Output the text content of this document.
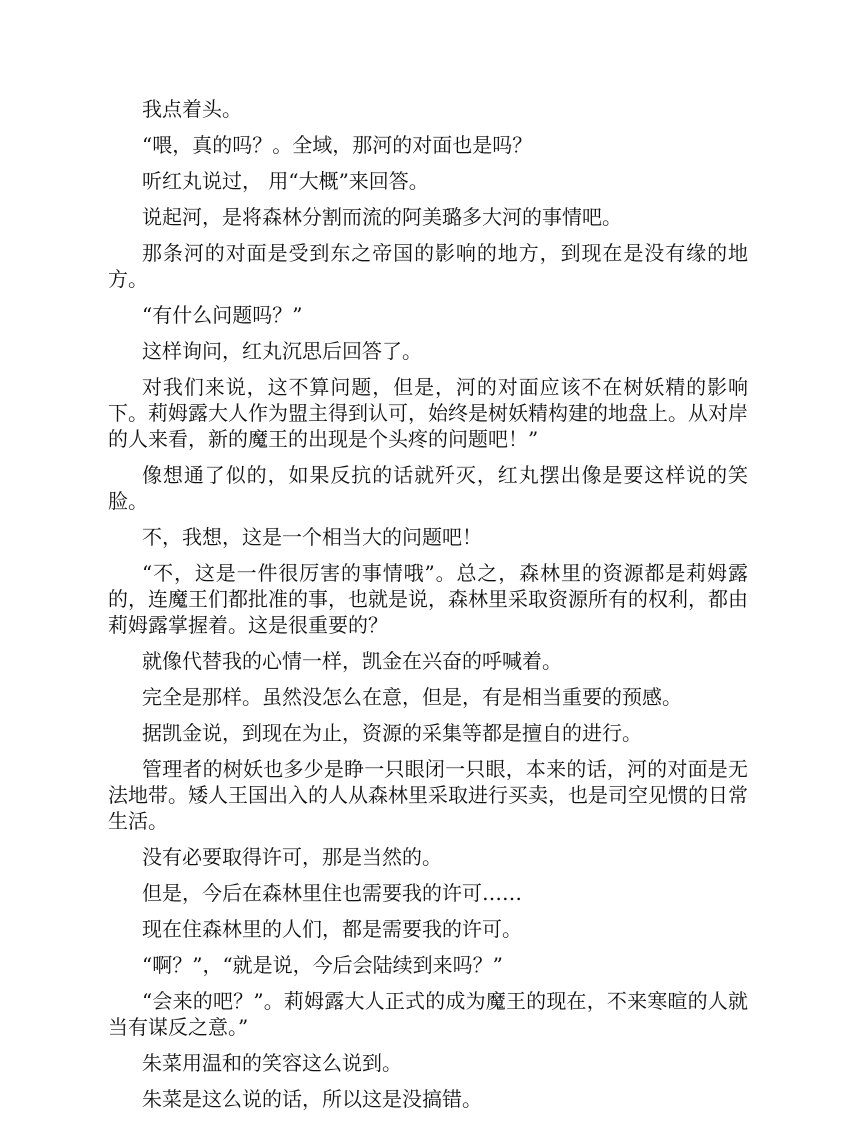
我点着头。

“喂，真的吗？。全域，那河的对面也是吗？

听红丸说过， 用“大概”来回答。

说起河，是将森林分割而流的阿美璐多大河的事情吧。

那条河的对面是受到东之帝国的影响的地方，到现在是没有缘的地方。

“有什么问题吗？”

这样询问，红丸沉思后回答了。

对我们来说，这不算问题，但是，河的对面应该不在树妖精的影响下。莉姆露大人作为盟主得到认可，始终是树妖精构建的地盘上。从对岸的人来看，新的魔王的出现是个头疼的问题吧！”

像想通了似的，如果反抗的话就歼灭，红丸摆出像是要这样说的笑脸。

不，我想，这是一个相当大的问题吧！

“不，这是一件很厉害的事情哦”。总之，森林里的资源都是莉姆露的，连魔王们都批准的事，也就是说，森林里采取资源所有的权利，都由莉姆露掌握着。这是很重要的？

就像代替我的心情一样，凯金在兴奋的呼喊着。

完全是那样。虽然没怎么在意，但是，有是相当重要的预感。

据凯金说，到现在为止，资源的采集等都是擅自的进行。

管理者的树妖也多少是睁一只眼闭一只眼，本来的话，河的对面是无法地带。矮人王国出入的人从森林里采取进行买卖，也是司空见惯的日常生活。

没有必要取得许可，那是当然的。

但是，今后在森林里住也需要我的许可……

现在住森林里的人们，都是需要我的许可。

“啊？”，“就是说，今后会陆续到来吗？”

“会来的吧？”。莉姆露大人正式的成为魔王的现在，不来寒暄的人就当有谋反之意。”

朱菜用温和的笑容这么说到。

朱菜是这么说的话，所以这是没搞错。
